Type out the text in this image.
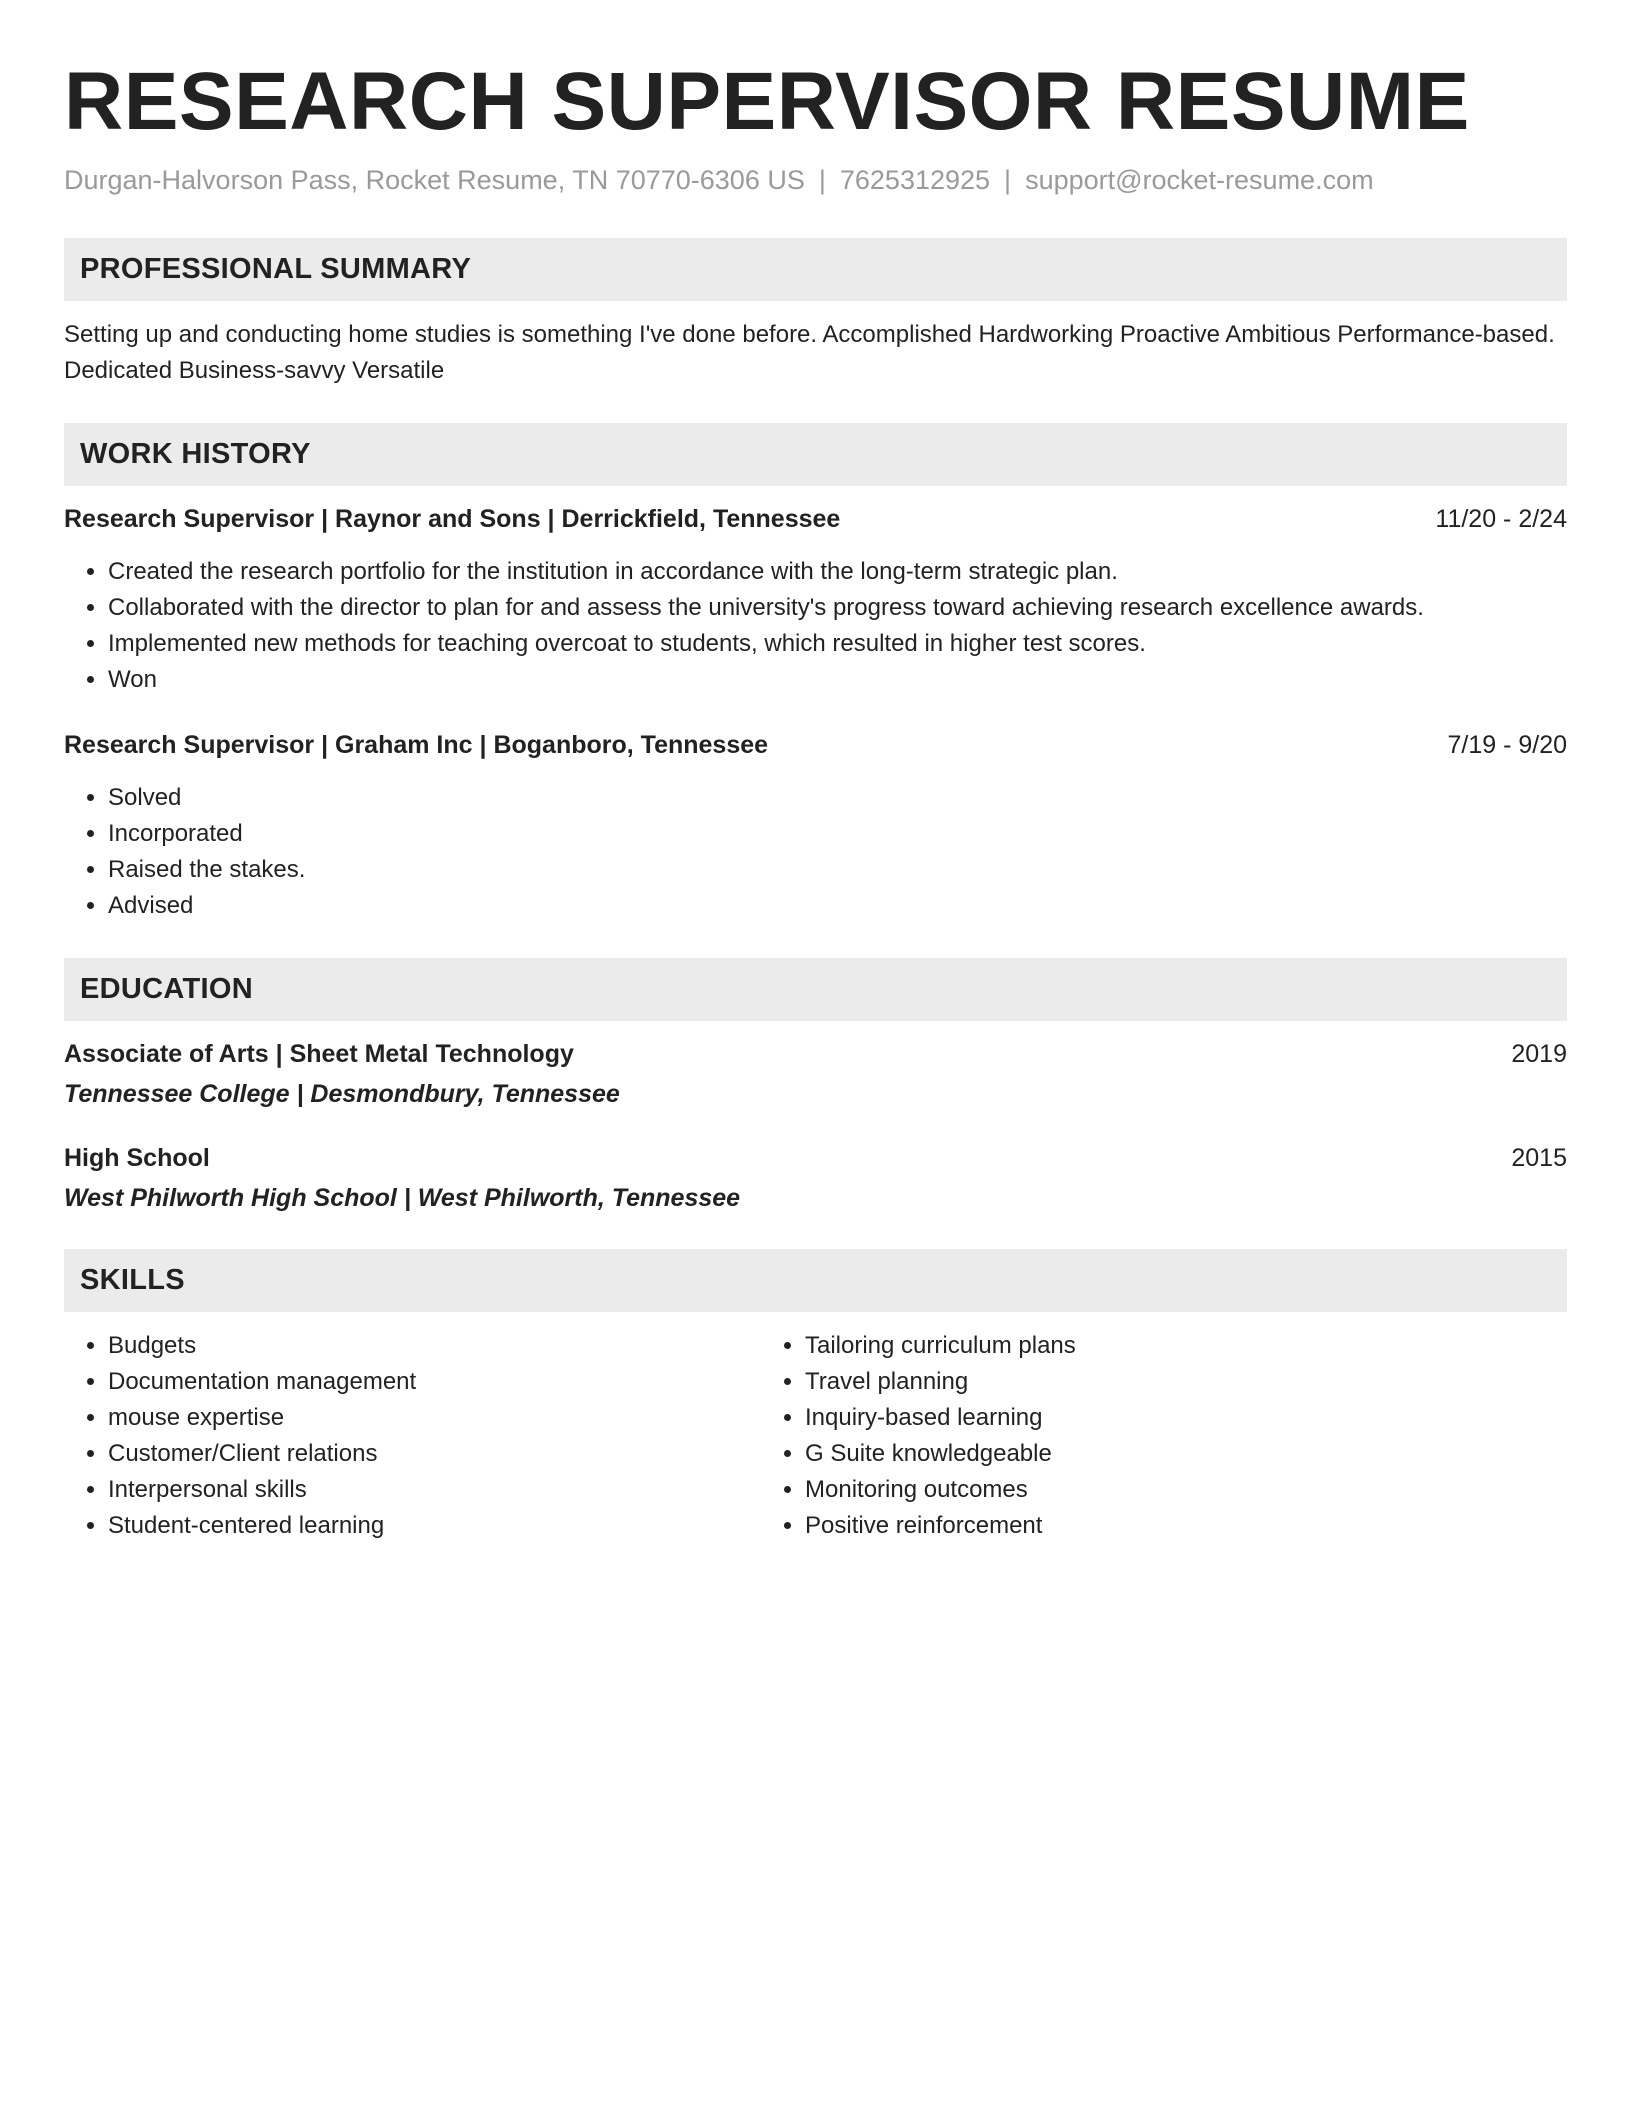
RESEARCH SUPERVISOR RESUME
Durgan-Halvorson Pass, Rocket Resume, TN 70770-6306 US | 7625312925 | support@rocket-resume.com
PROFESSIONAL SUMMARY
Setting up and conducting home studies is something I've done before. Accomplished Hardworking Proactive Ambitious Performance-based. Dedicated Business-savvy Versatile
WORK HISTORY
Research Supervisor | Raynor and Sons | Derrickfield, Tennessee	11/20 - 2/24
• Created the research portfolio for the institution in accordance with the long-term strategic plan.
• Collaborated with the director to plan for and assess the university's progress toward achieving research excellence awards.
• Implemented new methods for teaching overcoat to students, which resulted in higher test scores.
• Won
Research Supervisor | Graham Inc | Boganboro, Tennessee	7/19 - 9/20
• Solved
• Incorporated
• Raised the stakes.
• Advised
EDUCATION
Associate of Arts | Sheet Metal Technology	2019
Tennessee College | Desmondbury, Tennessee
High School	2015
West Philworth High School | West Philworth, Tennessee
SKILLS
• Budgets
• Documentation management
• mouse expertise
• Customer/Client relations
• Interpersonal skills
• Student-centered learning
• Tailoring curriculum plans
• Travel planning
• Inquiry-based learning
• G Suite knowledgeable
• Monitoring outcomes
• Positive reinforcement
